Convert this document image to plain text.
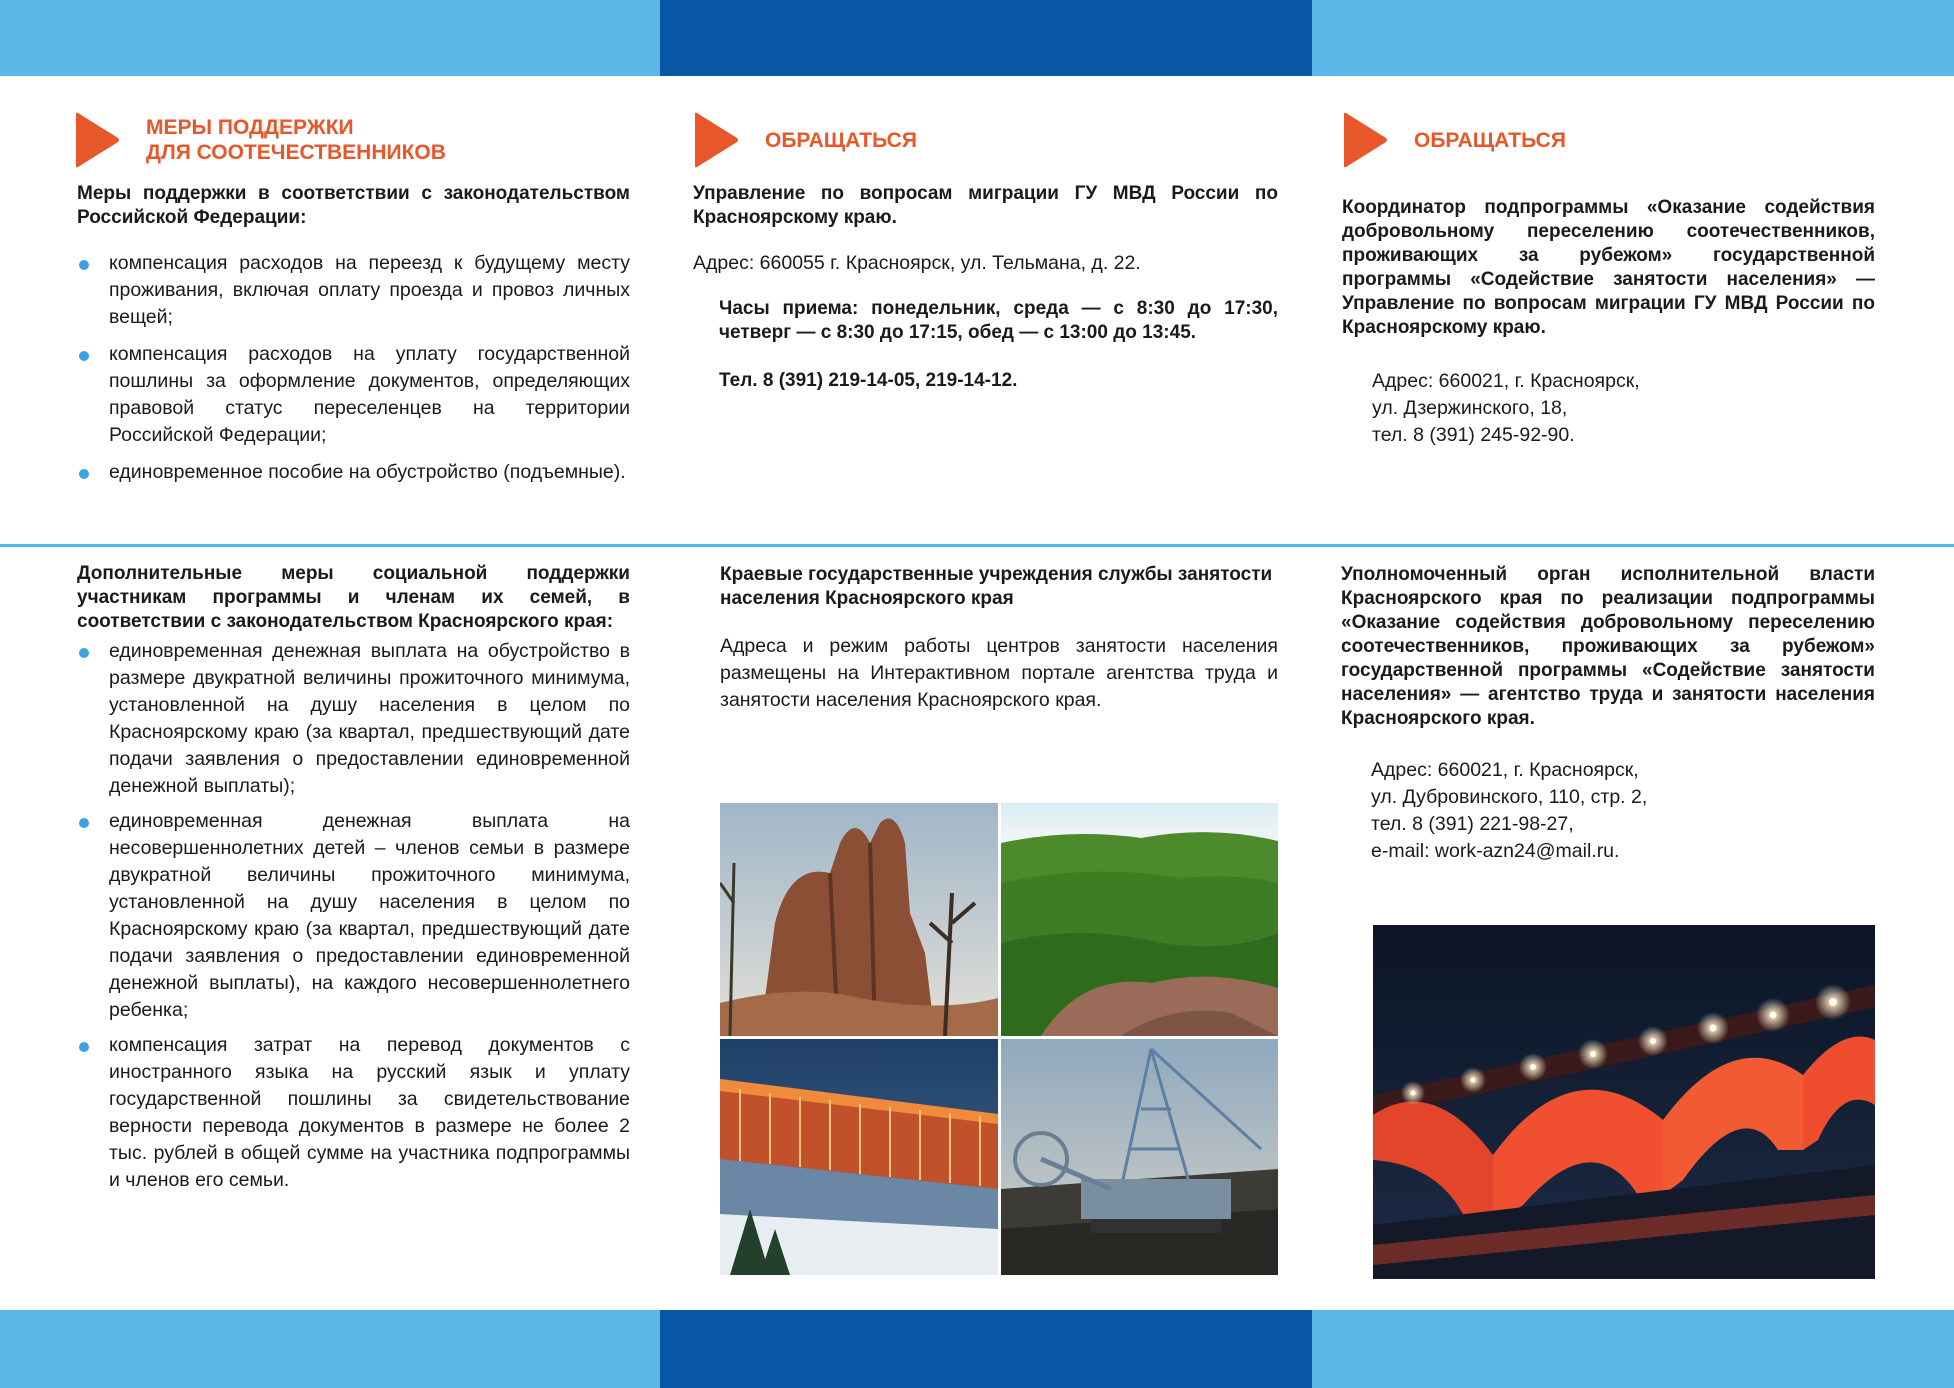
МЕРЫ ПОДДЕРЖКИ
ДЛЯ СООТЕЧЕСТВЕННИКОВ

Меры поддержки в соответствии с законодательством Российской Федерации:

компенсация расходов на переезд к будущему месту проживания, включая оплату проезда и провоз личных вещей;
компенсация расходов на уплату государственной пошлины за оформление документов, определяющих правовой статус переселенцев на территории Российской Федерации;
единовременное пособие на обустройство (подъемные).

Дополнительные меры социальной поддержки участникам программы и членам их семей, в соответствии с законодательством Красноярского края:

единовременная денежная выплата на обустройство в размере двукратной величины прожиточного минимума, установленной на душу населения в целом по Красноярскому краю (за квартал, предшествующий дате подачи заявления о предоставлении единовременной денежной выплаты);
единовременная денежная выплата на несовершеннолетних детей – членов семьи в размере двукратной величины прожиточного минимума, установленной на душу населения в целом по Красноярскому краю (за квартал, предшествующий дате подачи заявления о предоставлении единовременной денежной выплаты), на каждого несовершеннолетнего ребенка;
компенсация затрат на перевод документов с иностранного языка на русский язык и уплату государственной пошлины за свидетельствование верности перевода документов в размере не более 2 тыс. рублей в общей сумме на участника подпрограммы и членов его семьи.
ОБРАЩАТЬСЯ

Управление по вопросам миграции ГУ МВД России по Красноярскому краю.

Адрес: 660055 г. Красноярск, ул. Тельмана, д. 22.

Часы приема: понедельник, среда — с 8:30 до 17:30, четверг — с 8:30 до 17:15, обед — с 13:00 до 13:45.

Тел. 8 (391) 219-14-05, 219-14-12.

Краевые государственные учреждения службы занятости населения Красноярского края

Адреса и режим работы центров занятости населения размещены на Интерактивном портале агентства труда и занятости населения Красноярского края.

ОБРАЩАТЬСЯ

Координатор подпрограммы «Оказание содействия добровольному переселению соотечественников, проживающих за рубежом» государственной программы «Содействие занятости населения» — Управление по вопросам миграции ГУ МВД России по Красноярскому краю.

Адрес: 660021, г. Красноярск,
ул. Дзержинского, 18,
тел. 8 (391) 245-92-90.

Уполномоченный орган исполнительной власти Красноярского края по реализации подпрограммы «Оказание содействия добровольному переселению соотечественников, проживающих за рубежом» государственной программы «Содействие занятости населения» — агентство труда и занятости населения Красноярского края.

Адрес: 660021, г. Красноярск,
ул. Дубровинского, 110, стр. 2,
тел. 8 (391) 221-98-27,
e-mail: work-azn24@mail.ru.
